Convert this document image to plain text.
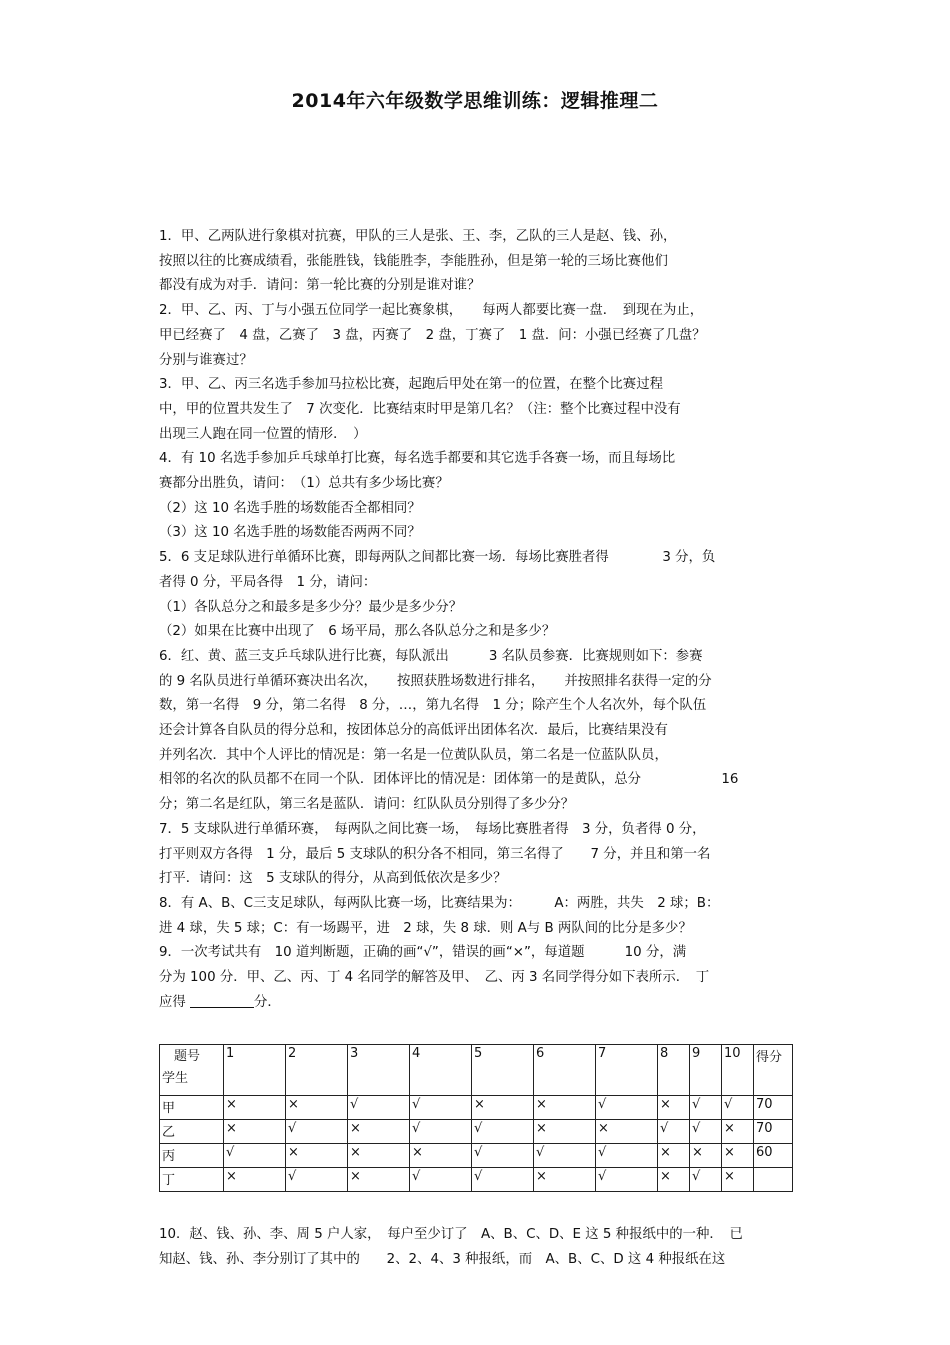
2014年六年级数学思维训练：逻辑推理二
1．甲、乙两队进行象棋对抗赛，甲队的三人是张、王、李，乙队的三人是赵、钱、孙，
按照以往的比赛成绩看，张能胜钱，钱能胜李，李能胜孙，但是第一轮的三场比赛他们
都没有成为对手．请问：第一轮比赛的分别是谁对谁？
2．甲、乙、丙、丁与小强五位同学一起比赛象棋，　　每两人都要比赛一盘．　到现在为止，
甲已经赛了　4 盘，乙赛了　3 盘，丙赛了　2 盘，丁赛了　1 盘．问：小强已经赛了几盘？
分别与谁赛过？
3．甲、乙、丙三名选手参加马拉松比赛，起跑后甲处在第一的位置，在整个比赛过程
中，甲的位置共发生了　7 次变化．比赛结束时甲是第几名？（注：整个比赛过程中没有
出现三人跑在同一位置的情形．　）
4．有 10 名选手参加乒乓球单打比赛，每名选手都要和其它选手各赛一场，而且每场比
赛都分出胜负，请问：　（1）总共有多少场比赛？
（2）这 10 名选手胜的场数能否全都相同？
（3）这 10 名选手胜的场数能否两两不同？
5．6 支足球队进行单循环比赛，即每两队之间都比赛一场．每场比赛胜者得　　　　3 分，负
者得 0 分，平局各得　1 分，请问：
（1）各队总分之和最多是多少分？最少是多少分？
（2）如果在比赛中出现了　6 场平局，那么各队总分之和是多少？
6．红、黄、蓝三支乒乓球队进行比赛，每队派出　　　3 名队员参赛．比赛规则如下：参赛
的 9 名队员进行单循环赛决出名次，　　按照获胜场数进行排名，　　并按照排名获得一定的分
数，第一名得　9 分，第二名得　8 分，…，第九名得　1 分；除产生个人名次外，每个队伍
还会计算各自队员的得分总和，按团体总分的高低评出团体名次．最后，比赛结果没有
并列名次．其中个人评比的情况是：第一名是一位黄队队员，第二名是一位蓝队队员，
相邻的名次的队员都不在同一个队．团体评比的情况是：团体第一的是黄队，总分　　　　　　16
分；第二名是红队，第三名是蓝队．请问：红队队员分别得了多少分？
7．5 支球队进行单循环赛，　每两队之间比赛一场，　每场比赛胜者得　3 分，负者得 0 分，
打平则双方各得　1 分，最后 5 支球队的积分各不相同，第三名得了　　7 分，并且和第一名
打平．请问：这　5 支球队的得分，从高到低依次是多少？
8．有 A、B、C三支足球队，每两队比赛一场，比赛结果为：　　　A：两胜，共失　2 球；B：
进 4 球，失 5 球；C：有一场踢平，进　2 球，失 8 球．则 A与 B 两队间的比分是多少？
9．一次考试共有　10 道判断题，正确的画“√”，错误的画“×”，每道题　　　10 分，满
分为 100 分．甲、乙、丙、丁 4 名同学的解答及甲、　乙、丙 3 名同学得分如下表所示．　丁
应得	分．
题号
学生	1	2	3	4	5	6	7	8	9	10	得分
甲	×	×	√	√	×	×	√	×	√	√	70
乙	×	√	×	√	√	×	×	√	√	×	70
丙	√	×	×	×	√	√	√	×	×	×	60
丁	×	√	×	√	√	×	√	×	√	×	
10．赵、钱、孙、李、周 5 户人家，　每户至少订了　A、B、C、D、E 这 5 种报纸中的一种．　已
知赵、钱、孙、李分别订了其中的　　2、2、4、3 种报纸，而　A、B、C、D 这 4 种报纸在这
